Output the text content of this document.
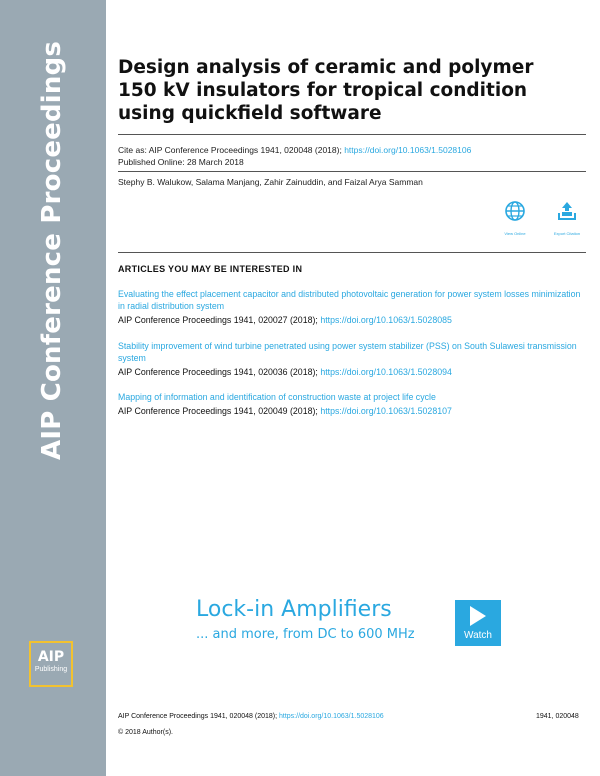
AIP Conference Proceedings
AIP
Publishing
Design analysis of ceramic and polymer 150 kV insulators for tropical condition using quickfield software
Cite as: AIP Conference Proceedings 1941, 020048 (2018); https://doi.org/10.1063/1.5028106
Published Online: 28 March 2018
Stephy B. Walukow, Salama Manjang, Zahir Zainuddin, and Faizal Arya Samman
View Online	Export Citation
ARTICLES YOU MAY BE INTERESTED IN

Evaluating the effect placement capacitor and distributed photovoltaic generation for power system losses minimization in radial distribution system

AIP Conference Proceedings 1941, 020027 (2018); https://doi.org/10.1063/1.5028085

Stability improvement of wind turbine penetrated using power system stabilizer (PSS) on South Sulawesi transmission system

AIP Conference Proceedings 1941, 020036 (2018); https://doi.org/10.1063/1.5028094

Mapping of information and identification of construction waste at project life cycle

AIP Conference Proceedings 1941, 020049 (2018); https://doi.org/10.1063/1.5028107

Lock-in Amplifiers
... and more, from DC to 600 MHz	Watch
AIP Conference Proceedings 1941, 020048 (2018); https://doi.org/10.1063/1.5028106	1941, 020048
© 2018 Author(s).
